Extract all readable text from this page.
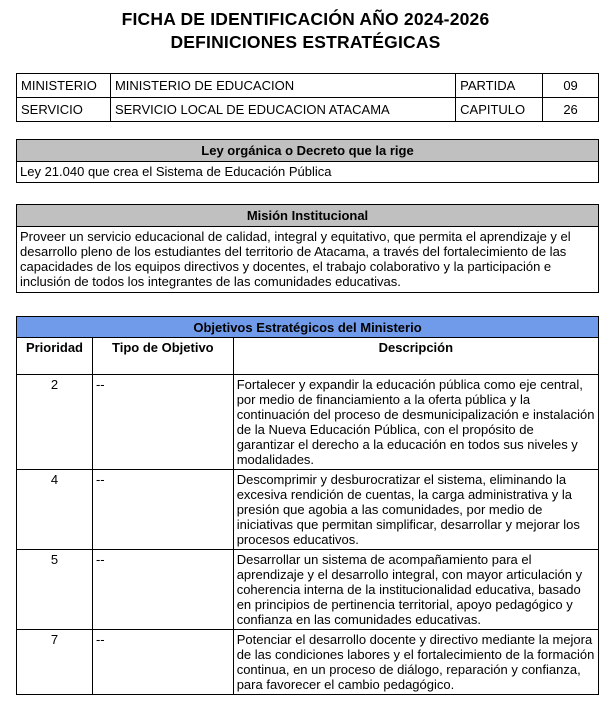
FICHA DE IDENTIFICACIÓN AÑO 2024-2026
DEFINICIONES ESTRATÉGICAS
MINISTERIO	MINISTERIO DE EDUCACION	PARTIDA	09
SERVICIO	SERVICIO LOCAL DE EDUCACION ATACAMA	CAPITULO	26
Ley orgánica o Decreto que la rige
Ley 21.040 que crea el Sistema de Educación Pública
Misión Institucional
Proveer un servicio educacional de calidad, integral y equitativo, que permita el aprendizaje y el desarrollo pleno de los estudiantes del territorio de Atacama, a través del fortalecimiento de las capacidades de los equipos directivos y docentes, el trabajo colaborativo y la participación e inclusión de todos los integrantes de las comunidades educativas.
Objetivos Estratégicos del Ministerio		
Prioridad	Tipo de Objetivo	Descripción
2	--	Fortalecer y expandir la educación pública como eje central, por medio de financiamiento a la oferta pública y la continuación del proceso de desmunicipalización e instalación de la Nueva Educación Pública, con el propósito de garantizar el derecho a la educación en todos sus niveles y modalidades.
4	--	Descomprimir y desburocratizar el sistema, eliminando la excesiva rendición de cuentas, la carga administrativa y la presión que agobia a las comunidades, por medio de iniciativas que permitan simplificar, desarrollar y mejorar los procesos educativos.
5	--	Desarrollar un sistema de acompañamiento para el aprendizaje y el desarrollo integral, con mayor articulación y coherencia interna de la institucionalidad educativa, basado en principios de pertinencia territorial, apoyo pedagógico y confianza en las comunidades educativas.
7	--	Potenciar el desarrollo docente y directivo mediante la mejora de las condiciones labores y el fortalecimiento de la formación continua, en un proceso de diálogo, reparación y confianza, para favorecer el cambio pedagógico.
